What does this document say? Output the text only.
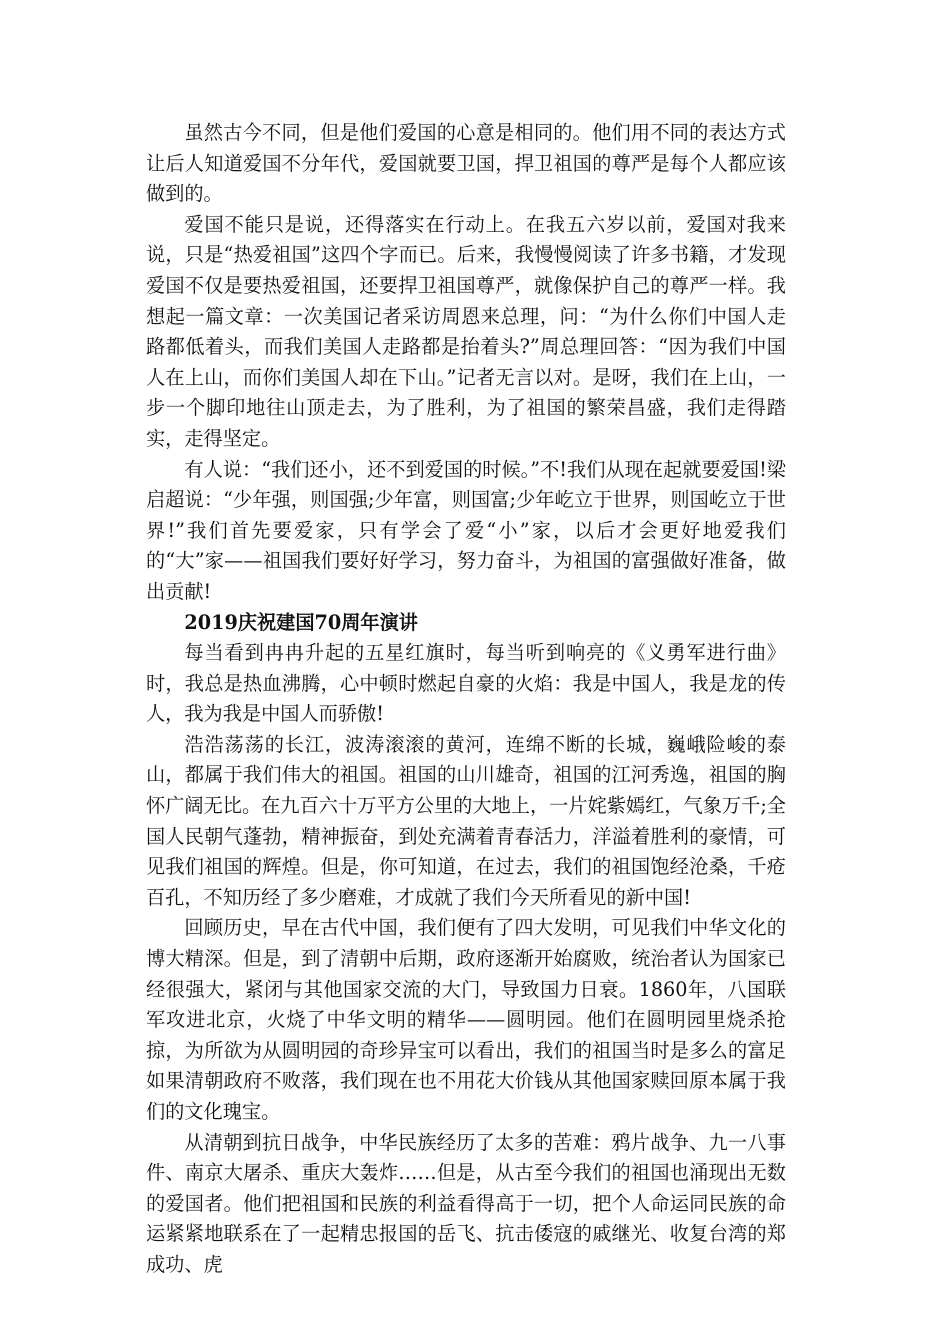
虽然古今不同，但是他们爱国的心意是相同的。他们用不同的表达方式让后人知道爱国不分年代，爱国就要卫国，捍卫祖国的尊严是每个人都应该做到的。

爱国不能只是说，还得落实在行动上。在我五六岁以前，爱国对我来说，只是“热爱祖国”这四个字而已。后来，我慢慢阅读了许多书籍，才发现爱国不仅是要热爱祖国，还要捍卫祖国尊严，就像保护自己的尊严一样。我想起一篇文章：一次美国记者采访周恩来总理，问：“为什么你们中国人走路都低着头，而我们美国人走路都是抬着头?”周总理回答：“因为我们中国人在上山，而你们美国人却在下山。”记者无言以对。是呀，我们在上山，一步一个脚印地往山顶走去，为了胜利，为了祖国的繁荣昌盛，我们走得踏实，走得坚定。

有人说：“我们还小，还不到爱国的时候。”不!我们从现在起就要爱国!梁启超说：“少年强，则国强;少年富，则国富;少年屹立于世界，则国屹立于世界!”我们首先要爱家，只有学会了爱“小”家，以后才会更好地爱我们的“大”家——祖国我们要好好学习，努力奋斗，为祖国的富强做好准备，做出贡献!

2019庆祝建国70周年演讲

每当看到冉冉升起的五星红旗时，每当听到响亮的《义勇军进行曲》时，我总是热血沸腾，心中顿时燃起自豪的火焰：我是中国人，我是龙的传人，我为我是中国人而骄傲!

浩浩荡荡的长江，波涛滚滚的黄河，连绵不断的长城，巍峨险峻的泰山，都属于我们伟大的祖国。祖国的山川雄奇，祖国的江河秀逸，祖国的胸怀广阔无比。在九百六十万平方公里的大地上，一片姹紫嫣红，气象万千;全国人民朝气蓬勃，精神振奋，到处充满着青春活力，洋溢着胜利的豪情，可见我们祖国的辉煌。但是，你可知道，在过去，我们的祖国饱经沧桑，千疮百孔，不知历经了多少磨难，才成就了我们今天所看见的新中国!

回顾历史，早在古代中国，我们便有了四大发明，可见我们中华文化的博大精深。但是，到了清朝中后期，政府逐渐开始腐败，统治者认为国家已经很强大，紧闭与其他国家交流的大门，导致国力日衰。1860年，八国联军攻进北京，火烧了中华文明的精华——圆明园。他们在圆明园里烧杀抢掠，为所欲为从圆明园的奇珍异宝可以看出，我们的祖国当时是多么的富足如果清朝政府不败落，我们现在也不用花大价钱从其他国家赎回原本属于我们的文化瑰宝。

从清朝到抗日战争，中华民族经历了太多的苦难：鸦片战争、九一八事件、南京大屠杀、重庆大轰炸……但是，从古至今我们的祖国也涌现出无数的爱国者。他们把祖国和民族的利益看得高于一切，把个人命运同民族的命运紧紧地联系在了一起精忠报国的岳飞、抗击倭寇的戚继光、收复台湾的郑成功、虎
